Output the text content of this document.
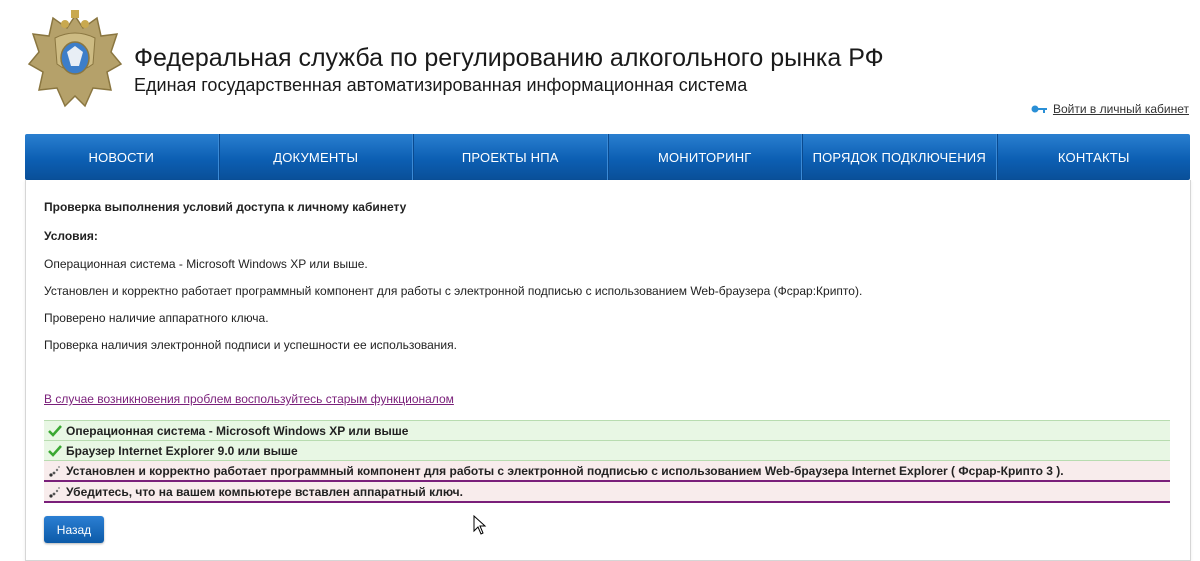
Федеральная служба по регулированию алкогольного рынка РФ
Единая государственная автоматизированная информационная система
Войти в личный кабинет
НОВОСТИ	ДОКУМЕНТЫ	ПРОЕКТЫ НПА	МОНИТОРИНГ	ПОРЯДОК ПОДКЛЮЧЕНИЯ	КОНТАКТЫ
Проверка выполнения условий доступа к личному кабинету
Условия:
Операционная система - Microsoft Windows XP или выше.
Установлен и корректно работает программный компонент для работы с электронной подписью с использованием Web-браузера (Фсрар:Крипто).
Проверено наличие аппаратного ключа.
Проверка наличия электронной подписи и успешности ее использования.
В случае возникновения проблем воспользуйтесь старым функционалом
Операционная система - Microsoft Windows XP или выше
Браузер Internet Explorer 9.0 или выше
Установлен и корректно работает программный компонент для работы с электронной подписью с использованием Web-браузера Internet Explorer ( Фсрар-Крипто 3 ).
Убедитесь, что на вашем компьютере вставлен аппаратный ключ.
Назад
